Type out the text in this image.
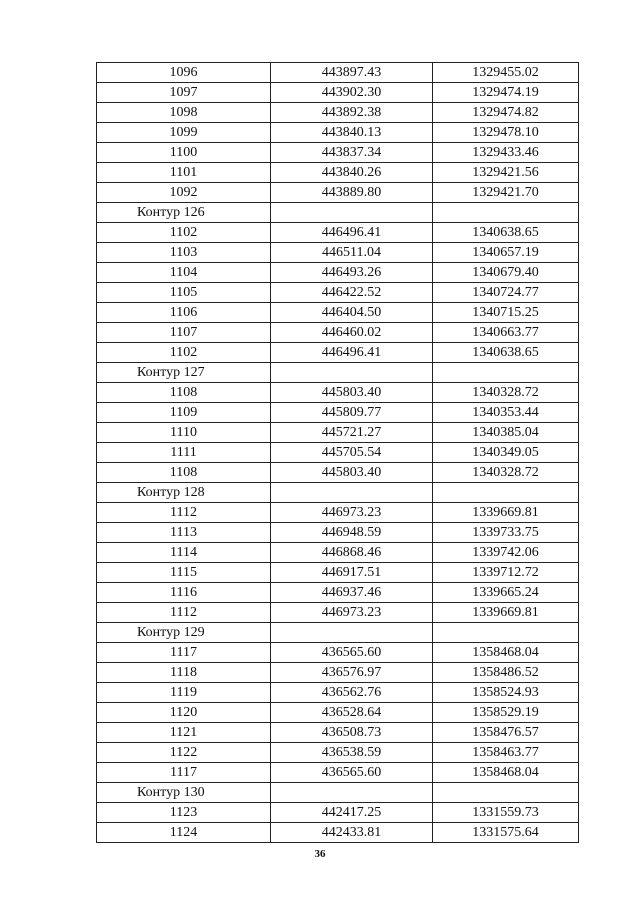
1096	443897.43	1329455.02
1097	443902.30	1329474.19
1098	443892.38	1329474.82
1099	443840.13	1329478.10
1100	443837.34	1329433.46
1101	443840.26	1329421.56
1092	443889.80	1329421.70
Контур 126		
1102	446496.41	1340638.65
1103	446511.04	1340657.19
1104	446493.26	1340679.40
1105	446422.52	1340724.77
1106	446404.50	1340715.25
1107	446460.02	1340663.77
1102	446496.41	1340638.65
Контур 127		
1108	445803.40	1340328.72
1109	445809.77	1340353.44
1110	445721.27	1340385.04
1111	445705.54	1340349.05
1108	445803.40	1340328.72
Контур 128		
1112	446973.23	1339669.81
1113	446948.59	1339733.75
1114	446868.46	1339742.06
1115	446917.51	1339712.72
1116	446937.46	1339665.24
1112	446973.23	1339669.81
Контур 129		
1117	436565.60	1358468.04
1118	436576.97	1358486.52
1119	436562.76	1358524.93
1120	436528.64	1358529.19
1121	436508.73	1358476.57
1122	436538.59	1358463.77
1117	436565.60	1358468.04
Контур 130		
1123	442417.25	1331559.73
1124	442433.81	1331575.64
36
